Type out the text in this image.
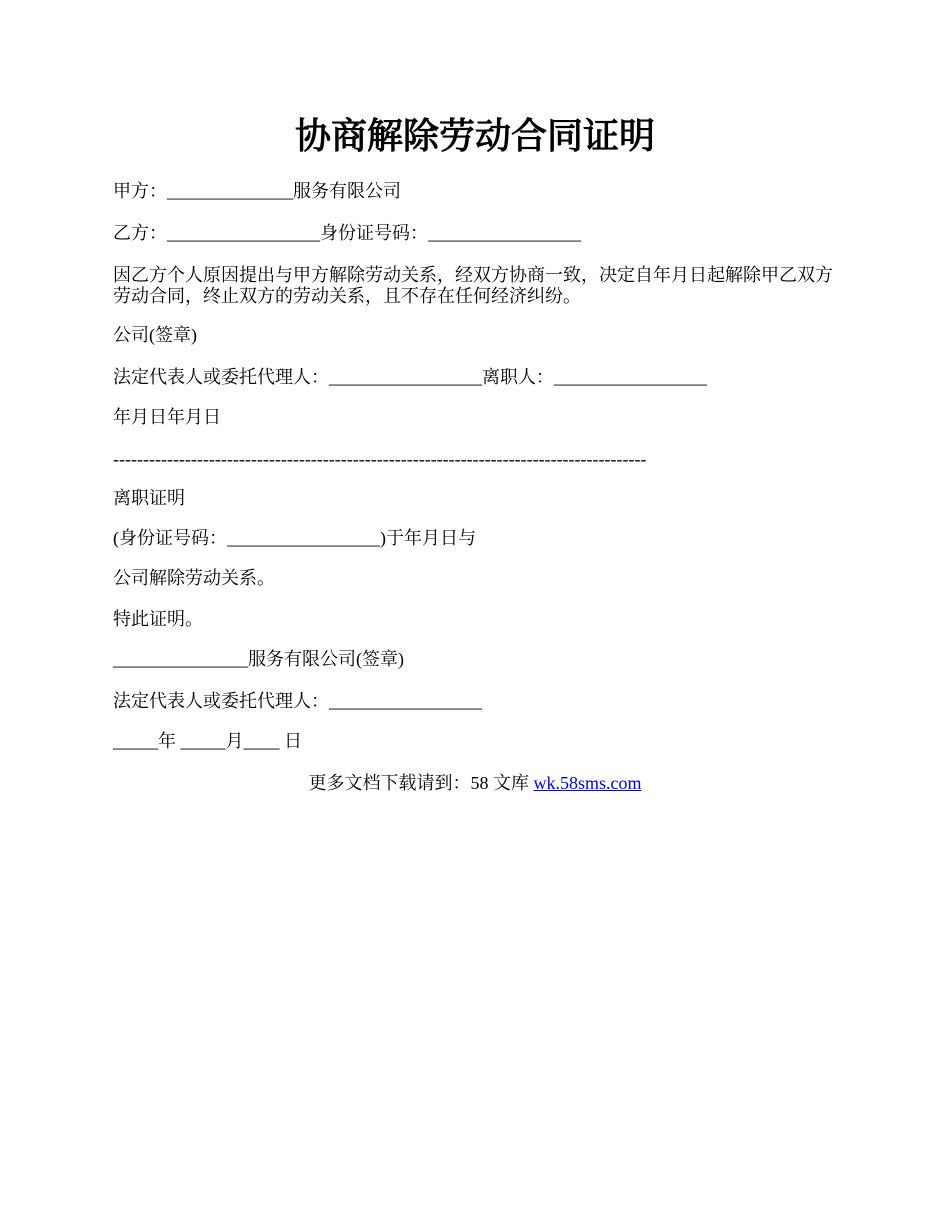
协商解除劳动合同证明

甲方：______________服务有限公司

乙方：_________________身份证号码：_________________

因乙方个人原因提出与甲方解除劳动关系，经双方协商一致，决定自年月日起解除甲乙双方劳动合同，终止双方的劳动关系，且不存在任何经济纠纷。

公司(签章)

法定代表人或委托代理人：_________________离职人：_________________

年月日年月日

-----------------------------------------------------------------------------------------

离职证明

(身份证号码：_________________)于年月日与

公司解除劳动关系。

特此证明。

_______________服务有限公司(签章)

法定代表人或委托代理人：_________________

_____年 _____月____ 日

更多文档下载请到：58 文库 wk.58sms.com
